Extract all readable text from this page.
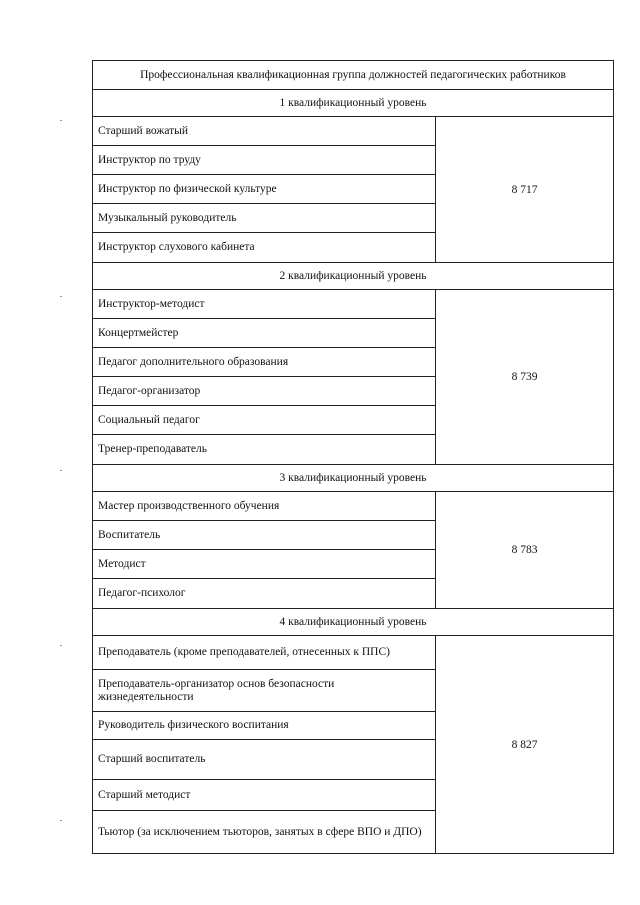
Профессиональная квалификационная группа должностей педагогических работников
1 квалификационный уровень
Старший вожатый
Инструктор по труду
Инструктор по физической культуре
Музыкальный руководитель
Инструктор слухового кабинета
8 717
2 квалификационный уровень
Инструктор-методист
Концертмейстер
Педагог дополнительного образования
Педагог-организатор
Социальный педагог
Тренер-преподаватель
8 739
3 квалификационный уровень
Мастер производственного обучения
Воспитатель
Методист
Педагог-психолог
8 783
4 квалификационный уровень
Преподаватель (кроме преподавателей, отнесенных к ППС)
Преподаватель-организатор основ безопасности жизнедеятельности
Руководитель физического воспитания
Старший воспитатель
Старший методист
Тьютор (за исключением тьюторов, занятых в сфере ВПО и ДПО)
8 827
